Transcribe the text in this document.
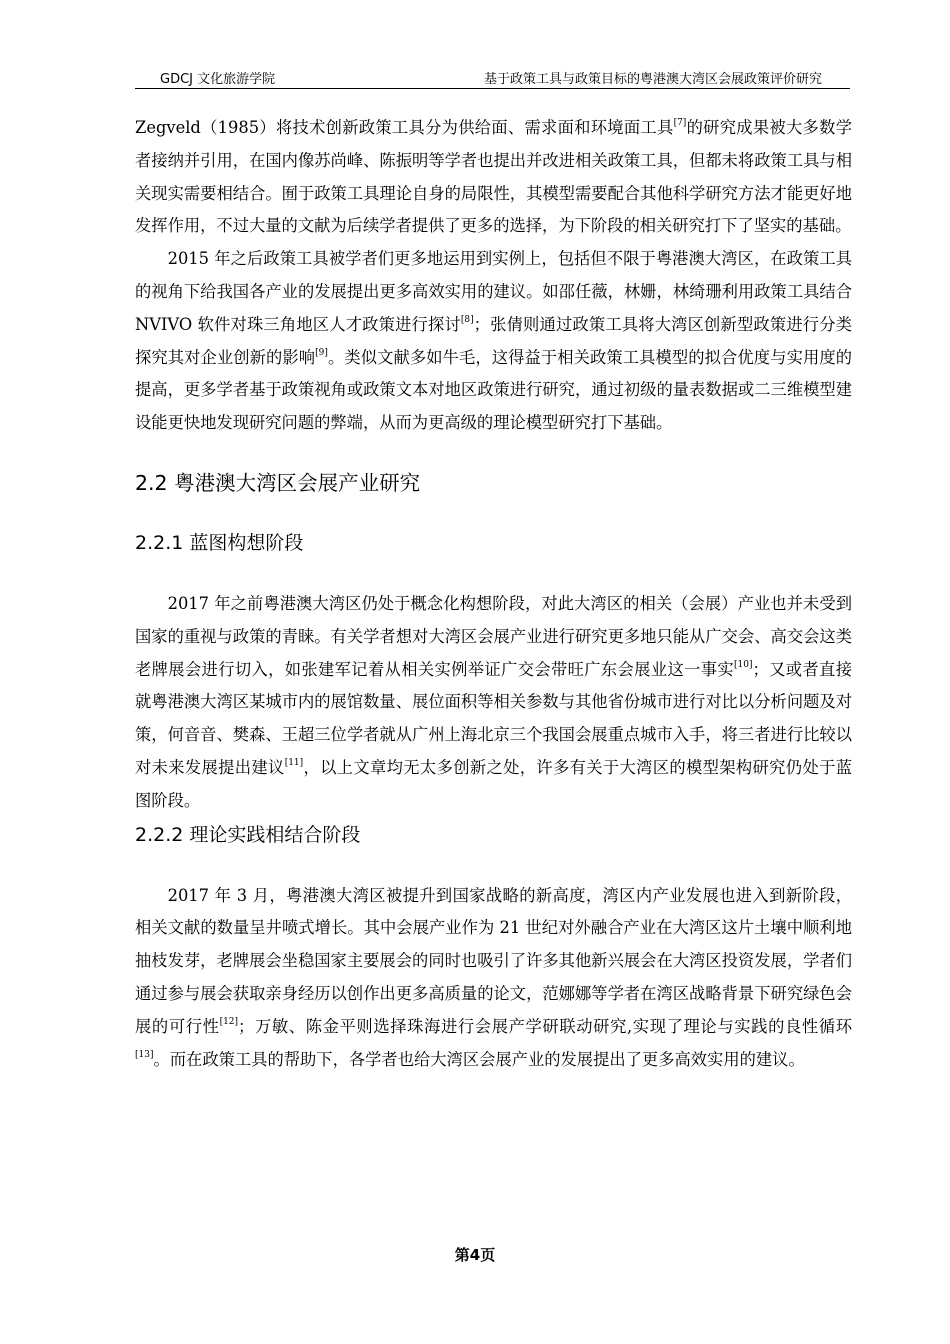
GDCJ 文化旅游学院	基于政策工具与政策目标的粤港澳大湾区会展政策评价研究

Zegveld（1985）将技术创新政策工具分为供给面、需求面和环境面工具[7]的研究成果被大多数学者接纳并引用，在国内像苏尚峰、陈振明等学者也提出并改进相关政策工具，但都未将政策工具与相关现实需要相结合。囿于政策工具理论自身的局限性，其模型需要配合其他科学研究方法才能更好地发挥作用，不过大量的文献为后续学者提供了更多的选择，为下阶段的相关研究打下了坚实的基础。

2015 年之后政策工具被学者们更多地运用到实例上，包括但不限于粤港澳大湾区，在政策工具的视角下给我国各产业的发展提出更多高效实用的建议。如邵任薇，林姗，林绮珊利用政策工具结合 NVIVO 软件对珠三角地区人才政策进行探讨[8]；张倩则通过政策工具将大湾区创新型政策进行分类探究其对企业创新的影响[9]。类似文献多如牛毛，这得益于相关政策工具模型的拟合优度与实用度的提高，更多学者基于政策视角或政策文本对地区政策进行研究，通过初级的量表数据或二三维模型建设能更快地发现研究问题的弊端，从而为更高级的理论模型研究打下基础。

2.2 粤港澳大湾区会展产业研究
2.2.1 蓝图构想阶段

2017 年之前粤港澳大湾区仍处于概念化构想阶段，对此大湾区的相关（会展）产业也并未受到国家的重视与政策的青睐。有关学者想对大湾区会展产业进行研究更多地只能从广交会、高交会这类老牌展会进行切入，如张建军记着从相关实例举证广交会带旺广东会展业这一事实[10]；又或者直接就粤港澳大湾区某城市内的展馆数量、展位面积等相关参数与其他省份城市进行对比以分析问题及对策，何音音、樊森、王超三位学者就从广州上海北京三个我国会展重点城市入手，将三者进行比较以对未来发展提出建议[11]，以上文章均无太多创新之处，许多有关于大湾区的模型架构研究仍处于蓝图阶段。

2.2.2 理论实践相结合阶段

2017 年 3 月，粤港澳大湾区被提升到国家战略的新高度，湾区内产业发展也进入到新阶段，相关文献的数量呈井喷式增长。其中会展产业作为 21 世纪对外融合产业在大湾区这片土壤中顺利地抽枝发芽，老牌展会坐稳国家主要展会的同时也吸引了许多其他新兴展会在大湾区投资发展，学者们通过参与展会获取亲身经历以创作出更多高质量的论文，范娜娜等学者在湾区战略背景下研究绿色会展的可行性[12]；万敏、陈金平则选择珠海进行会展产学研联动研究,实现了理论与实践的良性循环[13]。而在政策工具的帮助下，各学者也给大湾区会展产业的发展提出了更多高效实用的建议。

第4页
